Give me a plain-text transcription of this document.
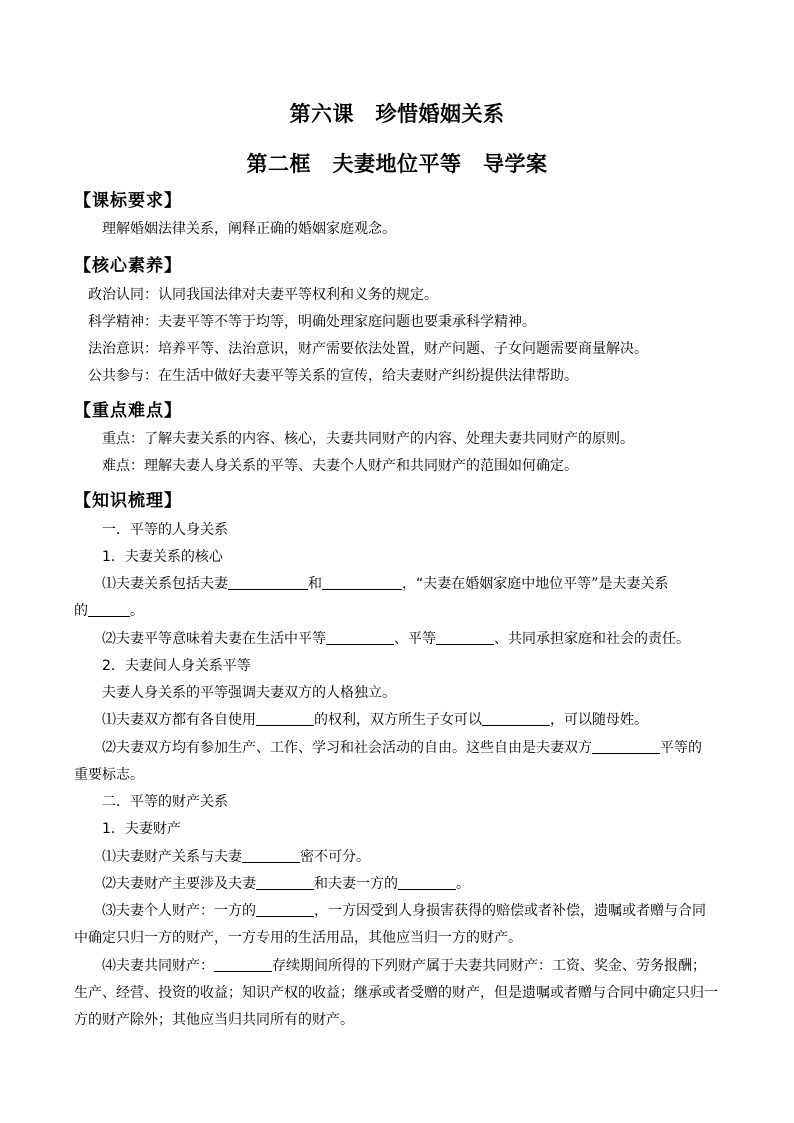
第六课　珍惜婚姻关系
第二框　夫妻地位平等　导学案
【课标要求】
理解婚姻法律关系，阐释正确的婚姻家庭观念。
【核心素养】
政治认同：认同我国法律对夫妻平等权利和义务的规定。
科学精神：夫妻平等不等于均等，明确处理家庭问题也要秉承科学精神。
法治意识：培养平等、法治意识，财产需要依法处置，财产问题、子女问题需要商量解决。
公共参与：在生活中做好夫妻平等关系的宣传，给夫妻财产纠纷提供法律帮助。
【重点难点】
重点：了解夫妻关系的内容、核心，夫妻共同财产的内容、处理夫妻共同财产的原则。
难点：理解夫妻人身关系的平等、夫妻个人财产和共同财产的范围如何确定。
【知识梳理】
一．平等的人身关系
1．夫妻关系的核心
⑴夫妻关系包括夫妻	和	，“夫妻在婚姻家庭中地位平等”是夫妻关系
的	。
⑵夫妻平等意味着夫妻在生活中平等	、平等	、共同承担家庭和社会的责任。
2．夫妻间人身关系平等
夫妻人身关系的平等强调夫妻双方的人格独立。
⑴夫妻双方都有各自使用	的权利，双方所生子女可以	，可以随母姓。
⑵夫妻双方均有参加生产、工作、学习和社会活动的自由。这些自由是夫妻双方	平等的
重要标志。
二．平等的财产关系
1．夫妻财产
⑴夫妻财产关系与夫妻	密不可分。
⑵夫妻财产主要涉及夫妻	和夫妻一方的	。
⑶夫妻个人财产：一方的	，一方因受到人身损害获得的赔偿或者补偿，遗嘱或者赠与合同
中确定只归一方的财产，一方专用的生活用品，其他应当归一方的财产。
⑷夫妻共同财产：	存续期间所得的下列财产属于夫妻共同财产：工资、奖金、劳务报酬；
生产、经营、投资的收益；知识产权的收益；继承或者受赠的财产，但是遗嘱或者赠与合同中确定只归一
方的财产除外；其他应当归共同所有的财产。
